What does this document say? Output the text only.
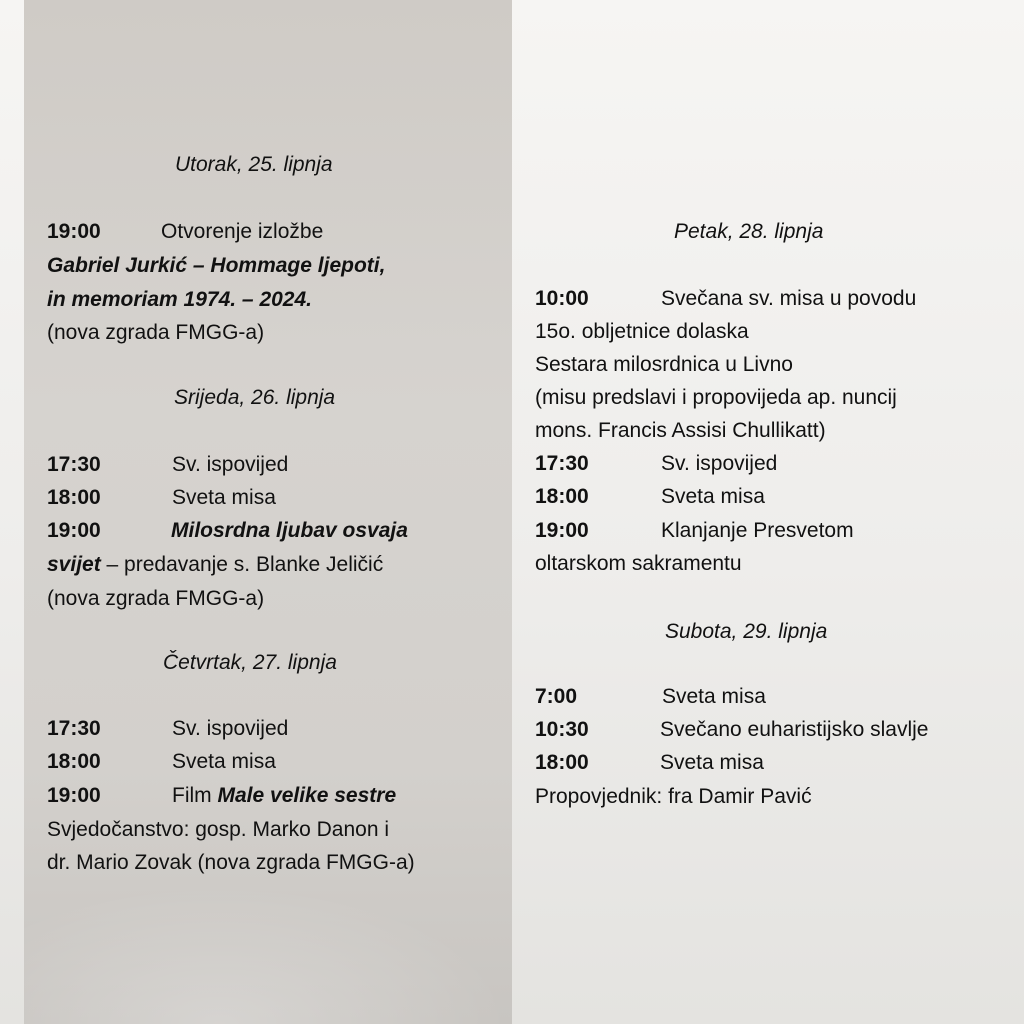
Utorak, 25. lipnja
19:00	Otvorenje izložbe
Gabriel Jurkić – Hommage ljepoti,
in memoriam 1974. – 2024.
(nova zgrada FMGG-a)
Srijeda, 26. lipnja
17:30	Sv. ispovijed
18:00	Sveta misa
19:00	Milosrdna ljubav osvaja
svijet – predavanje s. Blanke Jeličić
(nova zgrada FMGG-a)
Četvrtak, 27. lipnja
17:30	Sv. ispovijed
18:00	Sveta misa
19:00	Film Male velike sestre
Svjedočanstvo: gosp. Marko Danon i
dr. Mario Zovak (nova zgrada FMGG-a)
Petak, 28. lipnja
10:00	Svečana sv. misa u povodu
15o. obljetnice dolaska
Sestara milosrdnica u Livno
(misu predslavi i propovijeda ap. nuncij
mons. Francis Assisi Chullikatt)
17:30	Sv. ispovijed
18:00	Sveta misa
19:00	Klanjanje Presvetom
oltarskom sakramentu
Subota, 29. lipnja
7:00	Sveta misa
10:30	Svečano euharistijsko slavlje
18:00	Sveta misa
Propovjednik: fra Damir Pavić
